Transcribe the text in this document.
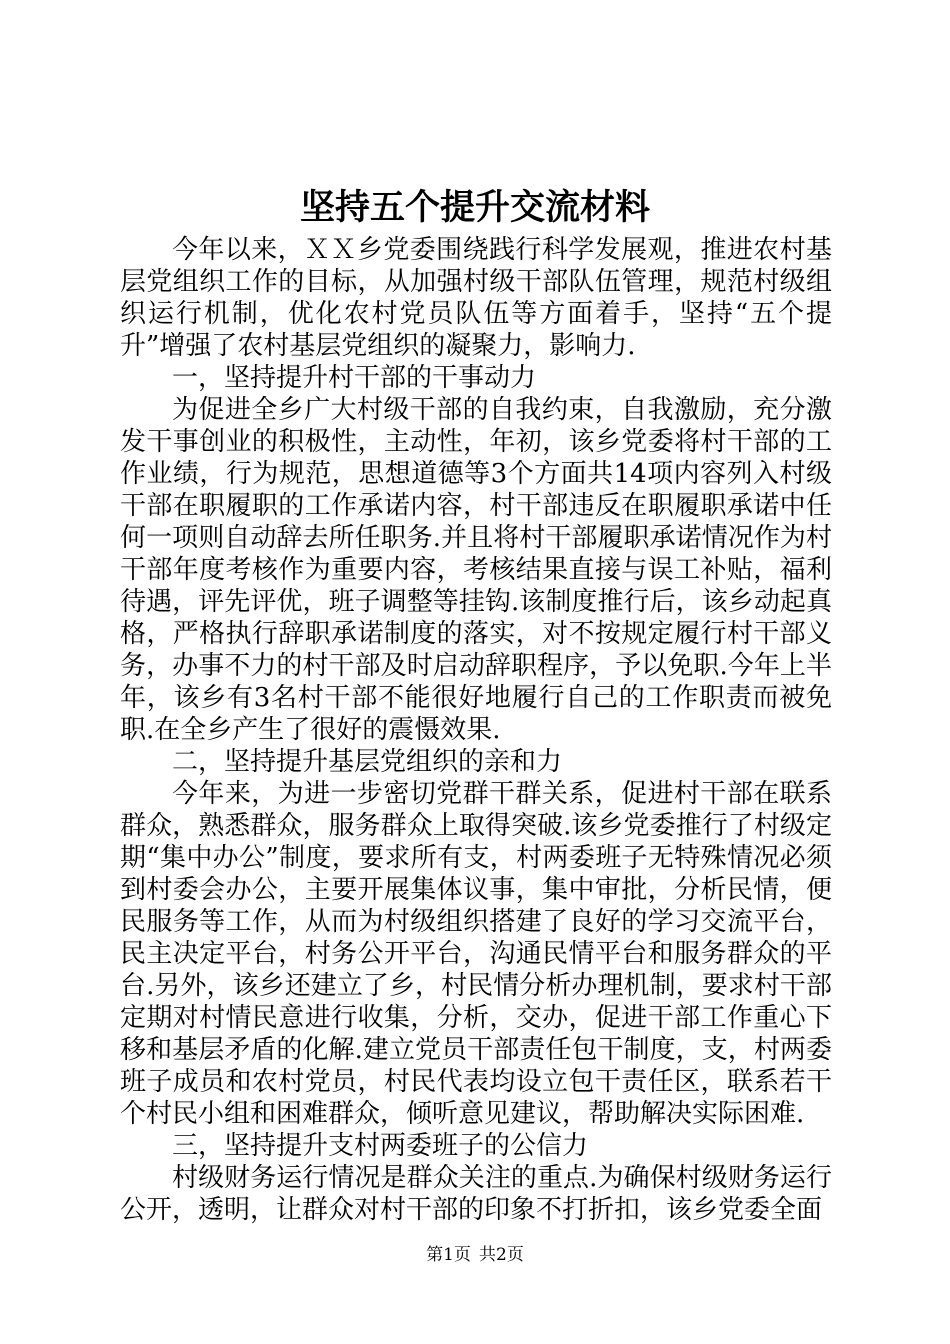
坚持五个提升交流材料

今年以来，ＸＸ乡党委围绕践行科学发展观，推进农村基层党组织工作的目标，从加强村级干部队伍管理，规范村级组织运行机制，优化农村党员队伍等方面着手，坚持“五个提升”增强了农村基层党组织的凝聚力，影响力.

一，坚持提升村干部的干事动力

为促进全乡广大村级干部的自我约束，自我激励，充分激发干事创业的积极性，主动性，年初，该乡党委将村干部的工作业绩，行为规范，思想道德等3个方面共14项内容列入村级干部在职履职的工作承诺内容，村干部违反在职履职承诺中任何一项则自动辞去所任职务.并且将村干部履职承诺情况作为村干部年度考核作为重要内容，考核结果直接与误工补贴，福利待遇，评先评优，班子调整等挂钩.该制度推行后，该乡动起真格，严格执行辞职承诺制度的落实，对不按规定履行村干部义务，办事不力的村干部及时启动辞职程序，予以免职.今年上半年，该乡有3名村干部不能很好地履行自己的工作职责而被免职.在全乡产生了很好的震慑效果.

二，坚持提升基层党组织的亲和力

今年来，为进一步密切党群干群关系，促进村干部在联系群众，熟悉群众，服务群众上取得突破.该乡党委推行了村级定期“集中办公”制度，要求所有支，村两委班子无特殊情况必须到村委会办公，主要开展集体议事，集中审批，分析民情，便民服务等工作，从而为村级组织搭建了良好的学习交流平台，民主决定平台，村务公开平台，沟通民情平台和服务群众的平台.另外，该乡还建立了乡，村民情分析办理机制，要求村干部定期对村情民意进行收集，分析，交办，促进干部工作重心下移和基层矛盾的化解.建立党员干部责任包干制度，支，村两委班子成员和农村党员，村民代表均设立包干责任区，联系若干个村民小组和困难群众，倾听意见建议，帮助解决实际困难.

三，坚持提升支村两委班子的公信力

村级财务运行情况是群众关注的重点.为确保村级财务运行公开，透明，让群众对村干部的印象不打折扣，该乡党委全面

第1页 共2页
